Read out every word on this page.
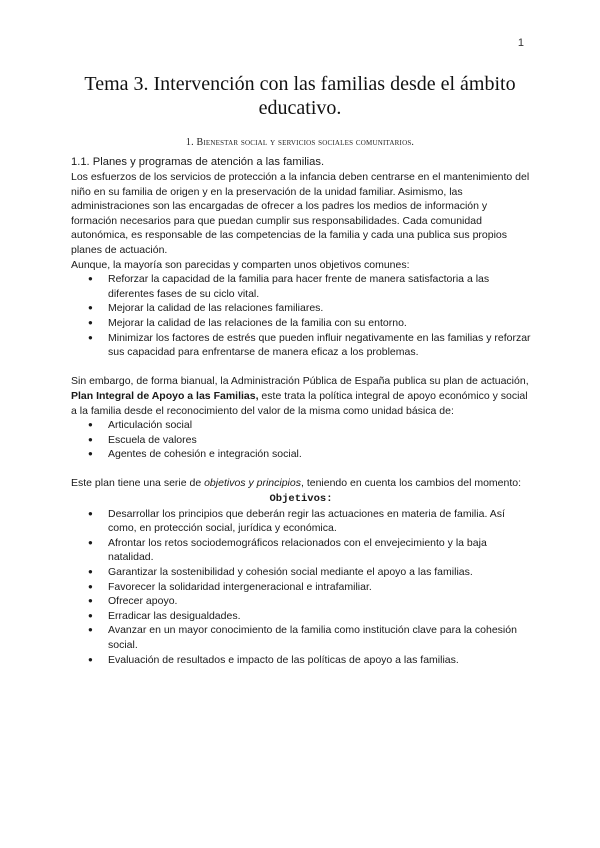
1
Tema 3. Intervención con las familias desde el ámbito educativo.
1. Bienestar social y servicios sociales comunitarios.

1.1. Planes y programas de atención a las familias.

Los esfuerzos de los servicios de protección a la infancia deben centrarse en el mantenimiento del niño en su familia de origen y en la preservación de la unidad familiar. Asimismo, las administraciones son las encargadas de ofrecer a los padres los medios de información y formación necesarios para que puedan cumplir sus responsabilidades. Cada comunidad autonómica, es responsable de las competencias de la familia y cada una publica sus propios planes de actuación.

Aunque, la mayoría son parecidas y comparten unos objetivos comunes:

● Reforzar la capacidad de la familia para hacer frente de manera satisfactoria a las diferentes fases de su ciclo vital.
● Mejorar la calidad de las relaciones familiares.
● Mejorar la calidad de las relaciones de la familia con su entorno.
● Minimizar los factores de estrés que pueden influir negativamente en las familias y reforzar sus capacidad para enfrentarse de manera eficaz a los problemas.

Sin embargo, de forma bianual, la Administración Pública de España publica su plan de actuación, Plan Integral de Apoyo a las Familias, este trata la política integral de apoyo económico y social a la familia desde el reconocimiento del valor de la misma como unidad básica de:

● Articulación social
● Escuela de valores
● Agentes de cohesión e integración social.

Este plan tiene una serie de objetivos y principios, teniendo en cuenta los cambios del momento:

Objetivos:
● Desarrollar los principios que deberán regir las actuaciones en materia de familia. Así como, en protección social, jurídica y económica.
● Afrontar los retos sociodemográficos relacionados con el envejecimiento y la baja natalidad.
● Garantizar la sostenibilidad y cohesión social mediante el apoyo a las familias.
● Favorecer la solidaridad intergeneracional e intrafamiliar.
● Ofrecer apoyo.
● Erradicar las desigualdades.
● Avanzar en un mayor conocimiento de la familia como institución clave para la cohesión social.
● Evaluación de resultados e impacto de las políticas de apoyo a las familias.
